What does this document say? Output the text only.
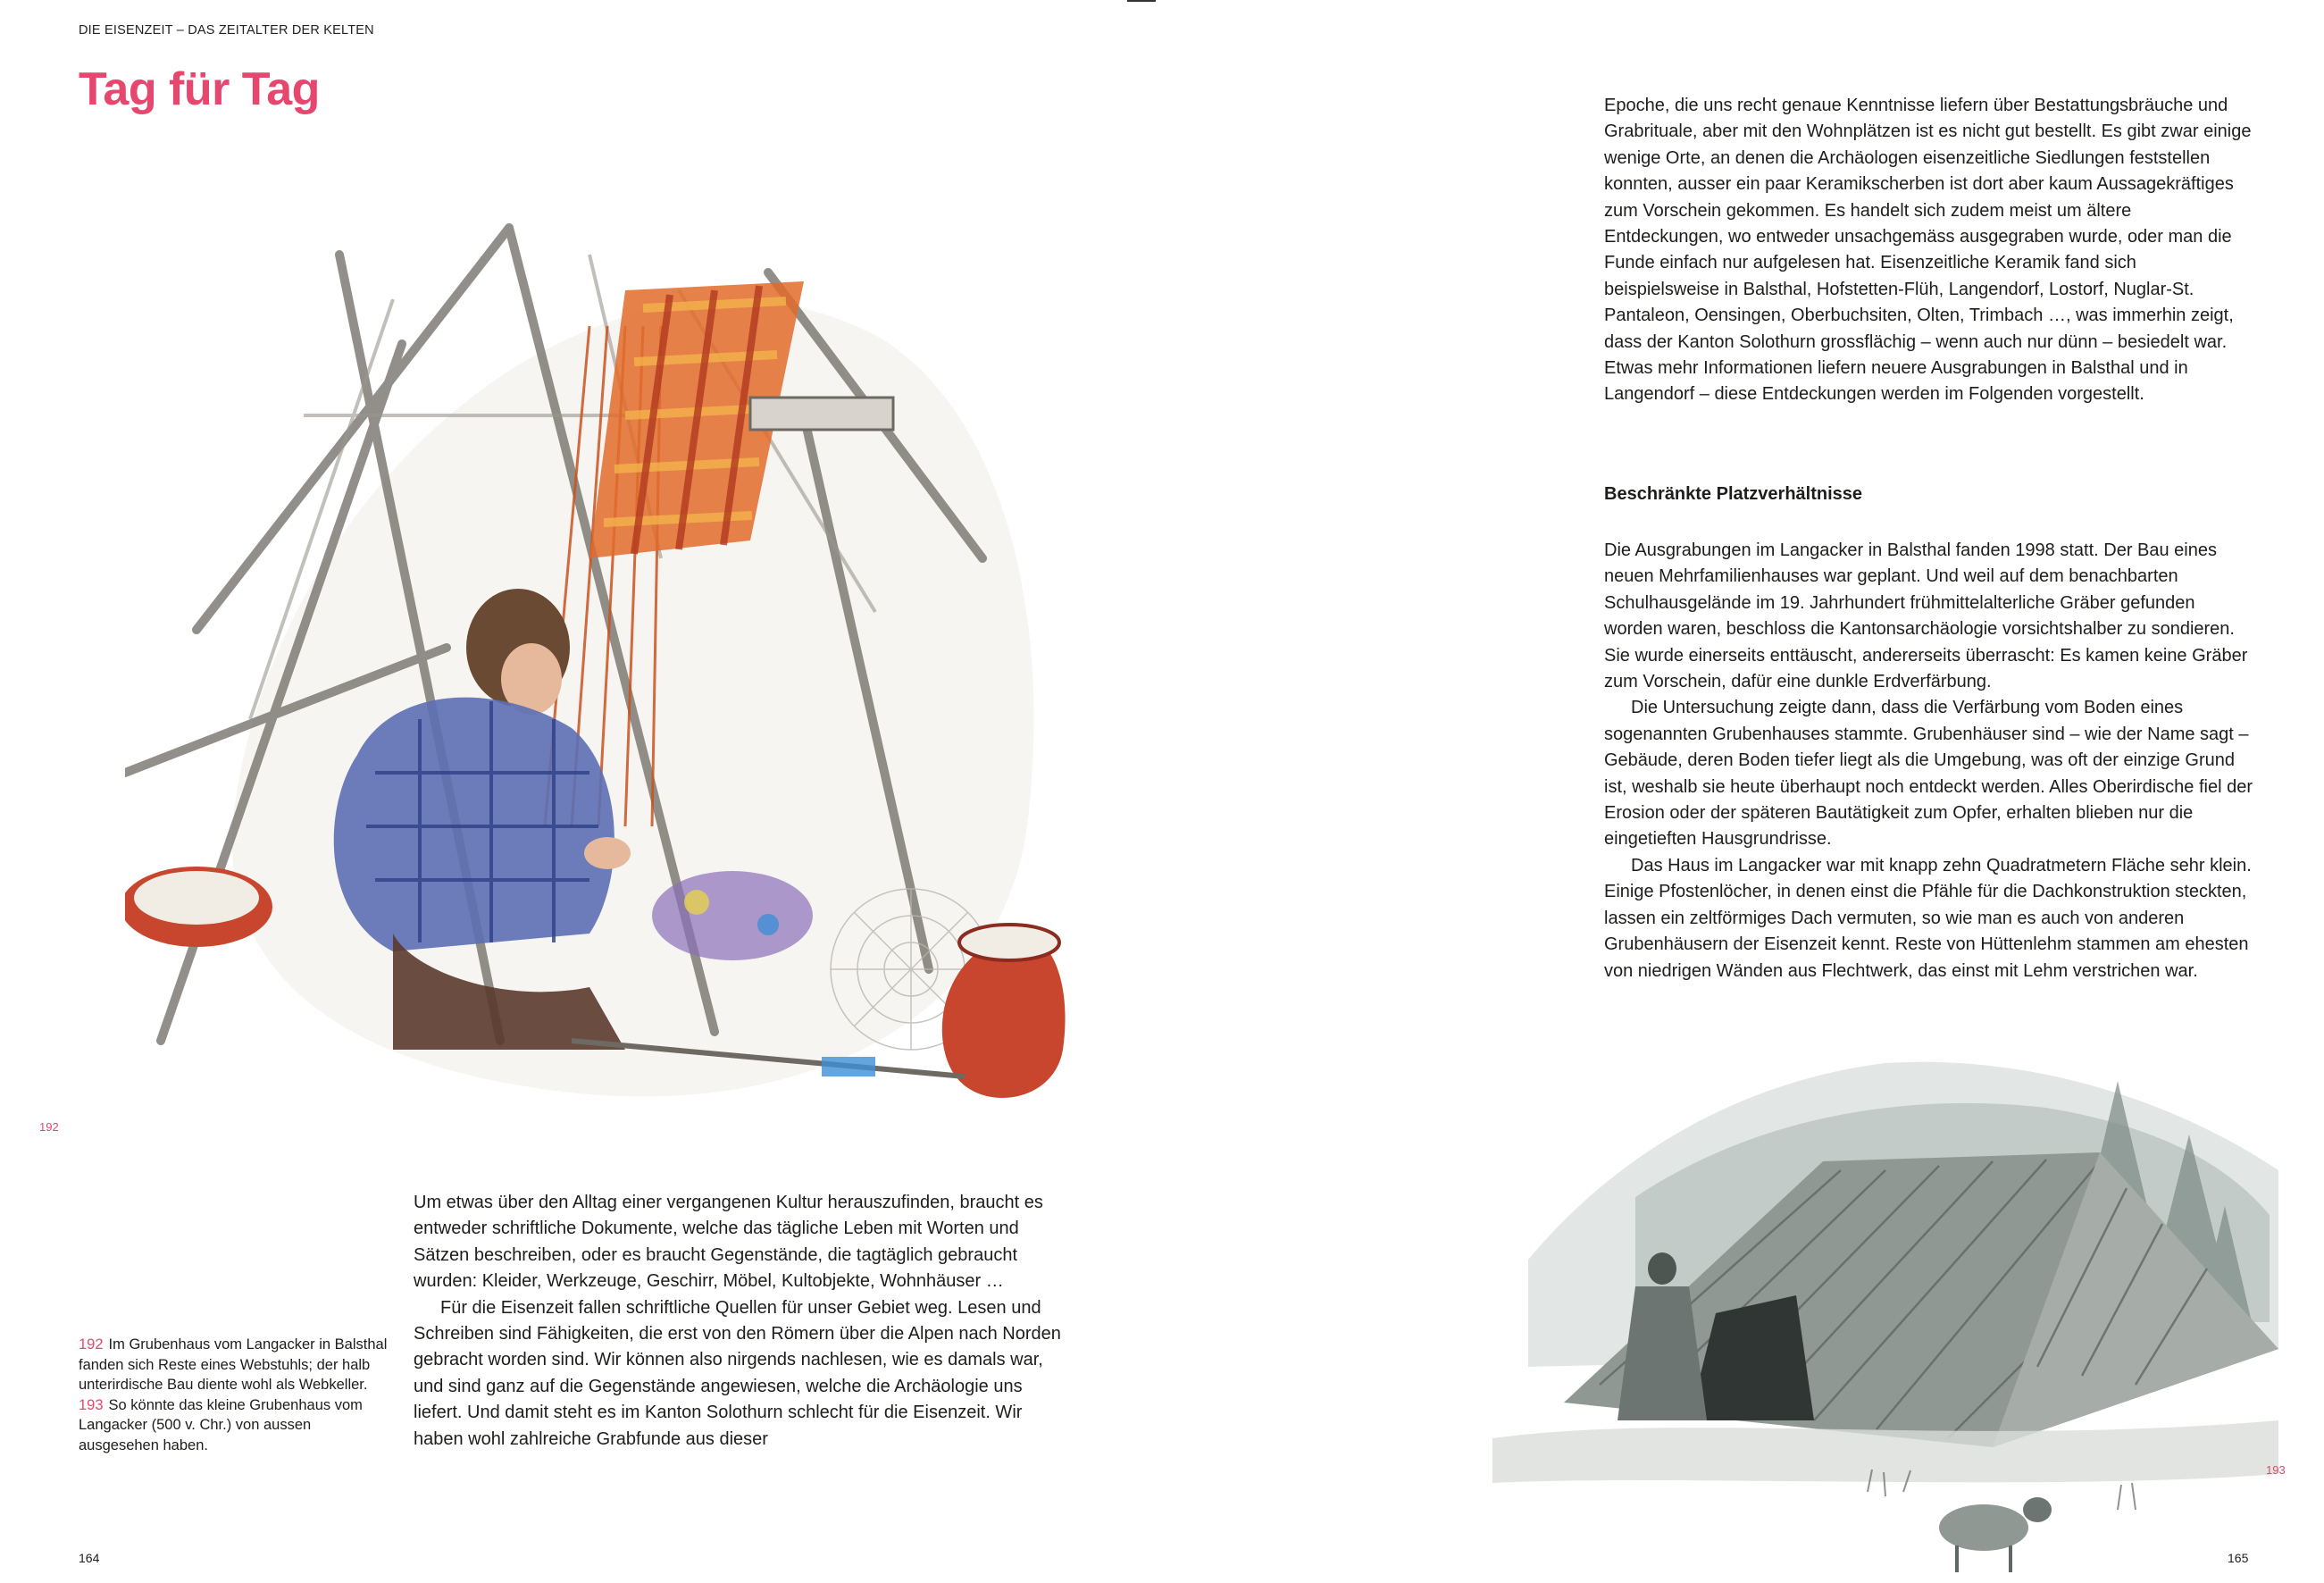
DIE EISENZEIT – DAS ZEITALTER DER KELTEN
Tag für Tag
192

192 Im Grubenhaus vom Langacker in Balsthal fanden sich Reste eines Webstuhls; der halb unterirdische Bau diente wohl als Webkeller.

193 So könnte das kleine Grubenhaus vom Langacker (500 v. Chr.) von aussen ausgesehen haben.

Um etwas über den Alltag einer vergangenen Kultur herauszufinden, braucht es entweder schriftliche Dokumente, welche das tägliche Leben mit Worten und Sätzen beschreiben, oder es braucht Gegenstände, die tagtäglich gebraucht wurden: Kleider, Werkzeuge, Geschirr, Möbel, Kultobjekte, Wohnhäuser …

Für die Eisenzeit fallen schriftliche Quellen für unser Gebiet weg. Lesen und Schreiben sind Fähigkeiten, die erst von den Römern über die Alpen nach Norden gebracht worden sind. Wir können also nirgends nachlesen, wie es damals war, und sind ganz auf die Gegenstände angewiesen, welche die Archäologie uns liefert. Und damit steht es im Kanton Solothurn schlecht für die Eisenzeit. Wir haben wohl zahlreiche Grabfunde aus dieser

164

Epoche, die uns recht genaue Kenntnisse liefern über Bestattungsbräuche und Grabrituale, aber mit den Wohnplätzen ist es nicht gut bestellt. Es gibt zwar einige wenige Orte, an denen die Archäologen eisenzeitliche Siedlungen feststellen konnten, ausser ein paar Keramikscherben ist dort aber kaum Aussagekräftiges zum Vorschein gekommen. Es handelt sich zudem meist um ältere Entdeckungen, wo entweder unsachgemäss ausgegraben wurde, oder man die Funde einfach nur aufgelesen hat. Eisenzeitliche Keramik fand sich beispielsweise in Balsthal, Hofstetten-Flüh, Langendorf, Lostorf, Nuglar-St. Pantaleon, Oensingen, Oberbuchsiten, Olten, Trimbach …, was immerhin zeigt, dass der Kanton Solothurn grossflächig – wenn auch nur dünn – besiedelt war. Etwas mehr Informationen liefern neuere Ausgrabungen in Balsthal und in Langendorf – diese Entdeckungen werden im Folgenden vorgestellt.

Beschränkte Platzverhältnisse

Die Ausgrabungen im Langacker in Balsthal fanden 1998 statt. Der Bau eines neuen Mehrfamilienhauses war geplant. Und weil auf dem benachbarten Schulhausgelände im 19. Jahrhundert frühmittelalterliche Gräber gefunden worden waren, beschloss die Kantonsarchäologie vorsichtshalber zu sondieren. Sie wurde einerseits enttäuscht, andererseits überrascht: Es kamen keine Gräber zum Vorschein, dafür eine dunkle Erdverfärbung.

Die Untersuchung zeigte dann, dass die Verfärbung vom Boden eines sogenannten Grubenhauses stammte. Grubenhäuser sind – wie der Name sagt – Gebäude, deren Boden tiefer liegt als die Umgebung, was oft der einzige Grund ist, weshalb sie heute überhaupt noch entdeckt werden. Alles Oberirdische fiel der Erosion oder der späteren Bautätigkeit zum Opfer, erhalten blieben nur die eingetieften Hausgrundrisse.

Das Haus im Langacker war mit knapp zehn Quadratmetern Fläche sehr klein. Einige Pfostenlöcher, in denen einst die Pfähle für die Dachkonstruktion steckten, lassen ein zeltförmiges Dach vermuten, so wie man es auch von anderen Grubenhäusern der Eisenzeit kennt. Reste von Hüttenlehm stammen am ehesten von niedrigen Wänden aus Flechtwerk, das einst mit Lehm verstrichen war.

193
165
